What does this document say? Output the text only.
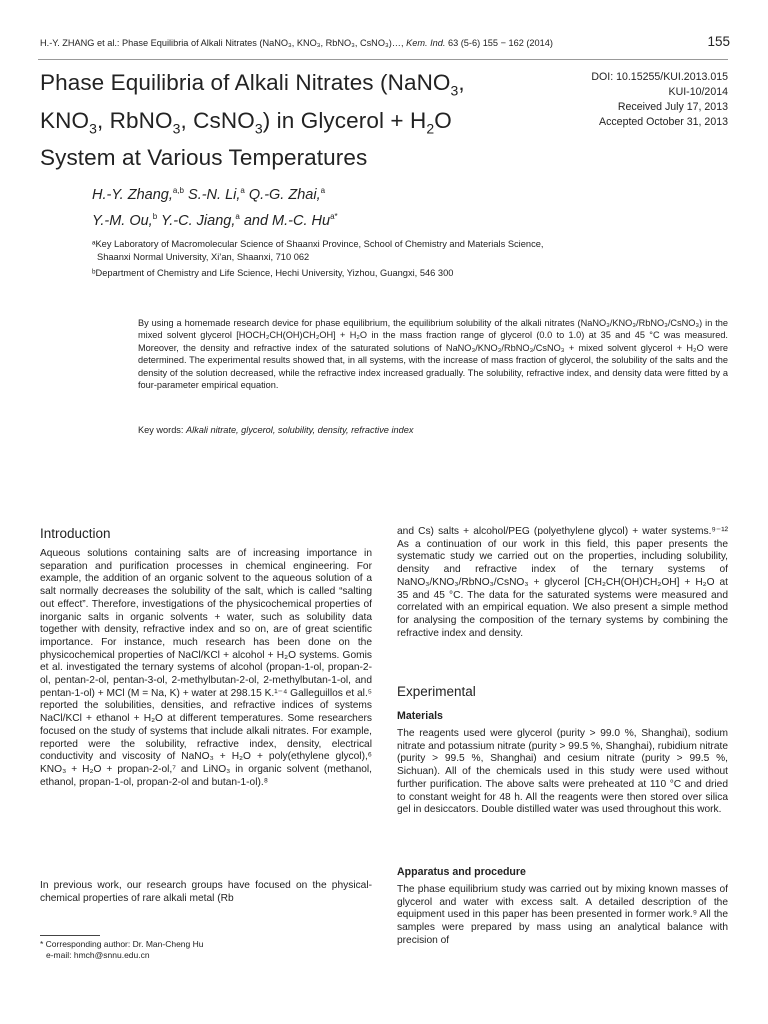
H.-Y. ZHANG et al.: Phase Equilibria of Alkali Nitrates (NaNO₃, KNO₃, RbNO₃, CsNO₃)…, Kem. Ind. 63 (5-6) 155 − 162 (2014)	155
Phase Equilibria of Alkali Nitrates (NaNO$_3$,
$KNO_3$, RbNO$_3$, CsNO$_3$) in Glycerol + $H_2O$
System at Various Temperatures
DOI: 10.15255/KUI.2013.015
KUI-10/2014
Received July 17, 2013
Accepted October 31, 2013
H.-Y. Zhang,$^{a,b}$ S.-N. Li,$^a$ Q.-G. Zhai,$^a$
Y.-M. Ou,$^b$ Y.-C. Jiang,$^a$ and M.-C. $Hu^{a*}$

ᵃKey Laboratory of Macromolecular Science of Shaanxi Province, School of Chemistry and Materials Science, Shaanxi Normal University, Xi’an, Shaanxi, 710 062

ᵇDepartment of Chemistry and Life Science, Hechi University, Yizhou, Guangxi, 546 300

By using a homemade research device for phase equilibrium, the equilibrium solubility of the alkali nitrates (NaNO₃/KNO₃/RbNO₃/CsNO₃) in the mixed solvent glycerol [HOCH₂CH(OH)CH₂OH] + H₂O in the mass fraction range of glycerol (0.0 to 1.0) at 35 and 45 °C was measured. Moreover, the density and refractive index of the saturated solutions of NaNO₃/KNO₃/RbNO₃/CsNO₃ + mixed solvent glycerol + H₂O were determined. The experimental results showed that, in all systems, with the increase of mass fraction of glycerol, the solubility of the salts and the density of the solution decreased, while the refractive index increased gradually. The solubility, refractive index, and density data were fitted by a four-parameter empirical equation.
Key words: Alkali nitrate, glycerol, solubility, density, refractive index
Introduction
Aqueous solutions containing salts are of increasing importance in separation and purification processes in chemical engineering. For example, the addition of an organic solvent to the aqueous solution of a salt normally decreases the solubility of the salt, which is called “salting out effect”. Therefore, investigations of the physicochemical properties of inorganic salts in organic solvents + water, such as solubility data together with density, refractive index and so on, are of great scientific importance. For instance, much research has been done on the physicochemical properties of NaCl/KCl + alcohol + H₂O systems. Gomis et al. investigated the ternary systems of alcohol (propan-1-ol, propan-2-ol, pentan-2-ol, pentan-3-ol, 2-methylbutan-2-ol, 2-methylbutan-1-ol, and pentan-1-ol) + MCl (M = Na, K) + water at 298.15 K.¹⁻⁴ Galleguillos et al.⁵ reported the solubilities, densities, and refractive indices of systems NaCl/KCl + ethanol + H₂O at different temperatures. Some researchers focused on the study of systems that include alkali nitrates. For example, reported were the solubility, refractive index, density, electrical conductivity and viscosity of NaNO₃ + H₂O + poly(ethylene glycol),⁶ KNO₃ + H₂O + propan-2-ol,⁷ and LiNO₃ in organic solvent (methanol, ethanol, propan-1-ol, propan-2-ol and butan-1-ol).⁸
In previous work, our research groups have focused on the physical-chemical properties of rare alkali metal (Rb
* Corresponding author: Dr. Man-Cheng Hu
e-mail: hmch@snnu.edu.cn
and Cs) salts + alcohol/PEG (polyethylene glycol) + water systems.⁹⁻¹² As a continuation of our work in this field, this paper presents the systematic study we carried out on the properties, including solubility, density and refractive index of the ternary systems of NaNO₃/KNO₃/RbNO₃/CsNO₃ + glycerol [CH₂CH(OH)CH₂OH] + H₂O at 35 and 45 °C. The data for the saturated systems were measured and correlated with an empirical equation. We also present a simple method for analysing the composition of the ternary systems by combining the refractive index and density.
Experimental
Materials
The reagents used were glycerol (purity > 99.0 %, Shanghai), sodium nitrate and potassium nitrate (purity > 99.5 %, Shanghai), rubidium nitrate (purity > 99.5 %, Shanghai) and cesium nitrate (purity > 99.5 %, Sichuan). All of the chemicals used in this study were used without further purification. The above salts were preheated at 110 °C and dried to constant weight for 48 h. All the reagents were then stored over silica gel in desiccators. Double distilled water was used throughout this work.
Apparatus and procedure
The phase equilibrium study was carried out by mixing known masses of glycerol and water with excess salt. A detailed description of the equipment used in this paper has been presented in former work.⁹ All the samples were prepared by mass using an analytical balance with precision of
